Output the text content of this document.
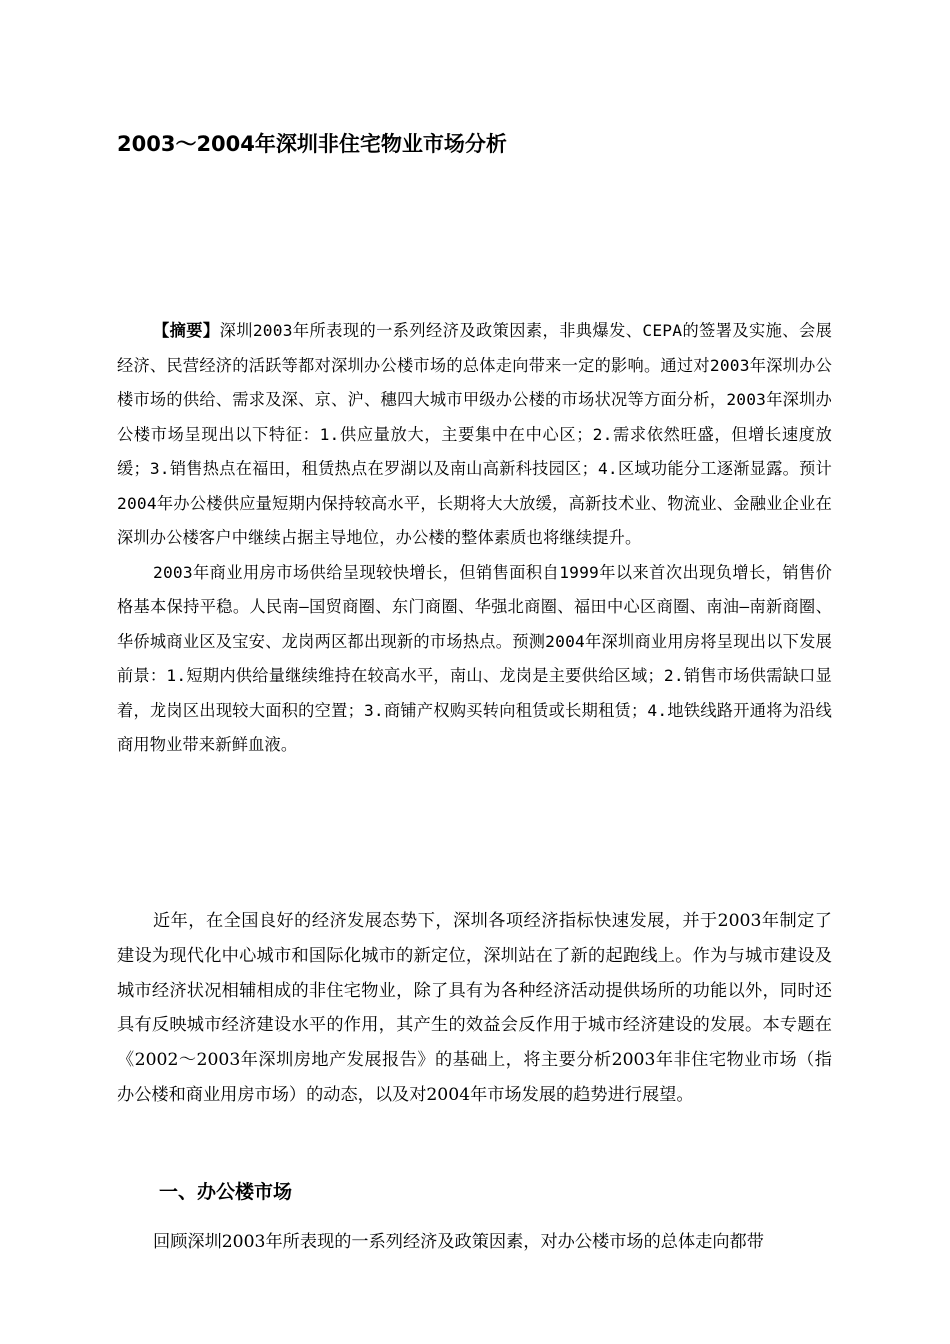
2003～2004年深圳非住宅物业市场分析

【摘要】深圳2003年所表现的一系列经济及政策因素，非典爆发、CEPA的签署及实施、会展经济、民营经济的活跃等都对深圳办公楼市场的总体走向带来一定的影响。通过对2003年深圳办公楼市场的供给、需求及深、京、沪、穗四大城市甲级办公楼的市场状况等方面分析，2003年深圳办公楼市场呈现出以下特征：1.供应量放大，主要集中在中心区；2.需求依然旺盛，但增长速度放缓；3.销售热点在福田，租赁热点在罗湖以及南山高新科技园区；4.区域功能分工逐渐显露。预计2004年办公楼供应量短期内保持较高水平，长期将大大放缓，高新技术业、物流业、金融业企业在深圳办公楼客户中继续占据主导地位，办公楼的整体素质也将继续提升。

2003年商业用房市场供给呈现较快增长，但销售面积自1999年以来首次出现负增长，销售价格基本保持平稳。人民南—国贸商圈、东门商圈、华强北商圈、福田中心区商圈、南油—南新商圈、华侨城商业区及宝安、龙岗两区都出现新的市场热点。预测2004年深圳商业用房将呈现出以下发展前景：1.短期内供给量继续维持在较高水平，南山、龙岗是主要供给区域；2.销售市场供需缺口显着，龙岗区出现较大面积的空置；3.商铺产权购买转向租赁或长期租赁；4.地铁线路开通将为沿线商用物业带来新鲜血液。

近年，在全国良好的经济发展态势下，深圳各项经济指标快速发展，并于2003年制定了建设为现代化中心城市和国际化城市的新定位，深圳站在了新的起跑线上。作为与城市建设及城市经济状况相辅相成的非住宅物业，除了具有为各种经济活动提供场所的功能以外，同时还具有反映城市经济建设水平的作用，其产生的效益会反作用于城市经济建设的发展。本专题在《2002～2003年深圳房地产发展报告》的基础上，将主要分析2003年非住宅物业市场（指办公楼和商业用房市场）的动态，以及对2004年市场发展的趋势进行展望。

一、办公楼市场

回顾深圳2003年所表现的一系列经济及政策因素，对办公楼市场的总体走向都带
